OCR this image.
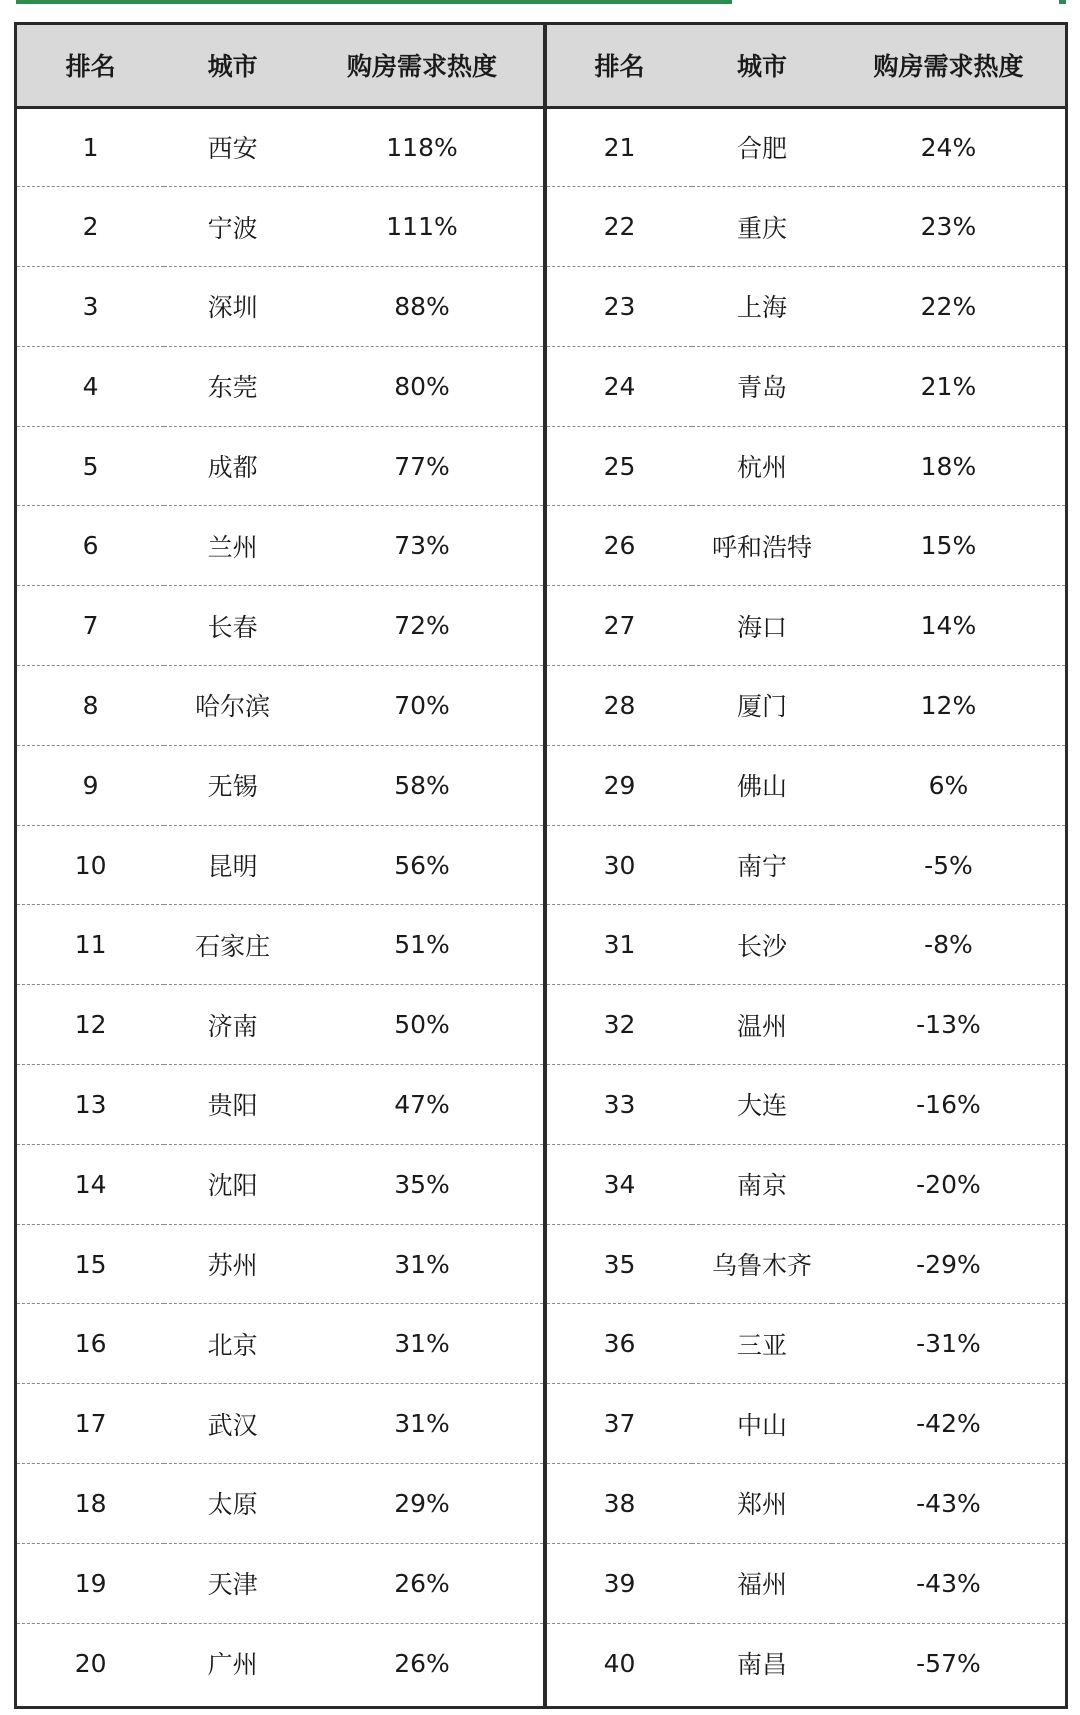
排名	城市	购房需求热度
1	西安	118%
2	宁波	111%
3	深圳	88%
4	东莞	80%
5	成都	77%
6	兰州	73%
7	长春	72%
8	哈尔滨	70%
9	无锡	58%
10	昆明	56%
11	石家庄	51%
12	济南	50%
13	贵阳	47%
14	沈阳	35%
15	苏州	31%
16	北京	31%
17	武汉	31%
18	太原	29%
19	天津	26%
20	广州	26%
排名	城市	购房需求热度
21	合肥	24%
22	重庆	23%
23	上海	22%
24	青岛	21%
25	杭州	18%
26	呼和浩特	15%
27	海口	14%
28	厦门	12%
29	佛山	6%
30	南宁	-5%
31	长沙	-8%
32	温州	-13%
33	大连	-16%
34	南京	-20%
35	乌鲁木齐	-29%
36	三亚	-31%
37	中山	-42%
38	郑州	-43%
39	福州	-43%
40	南昌	-57%
